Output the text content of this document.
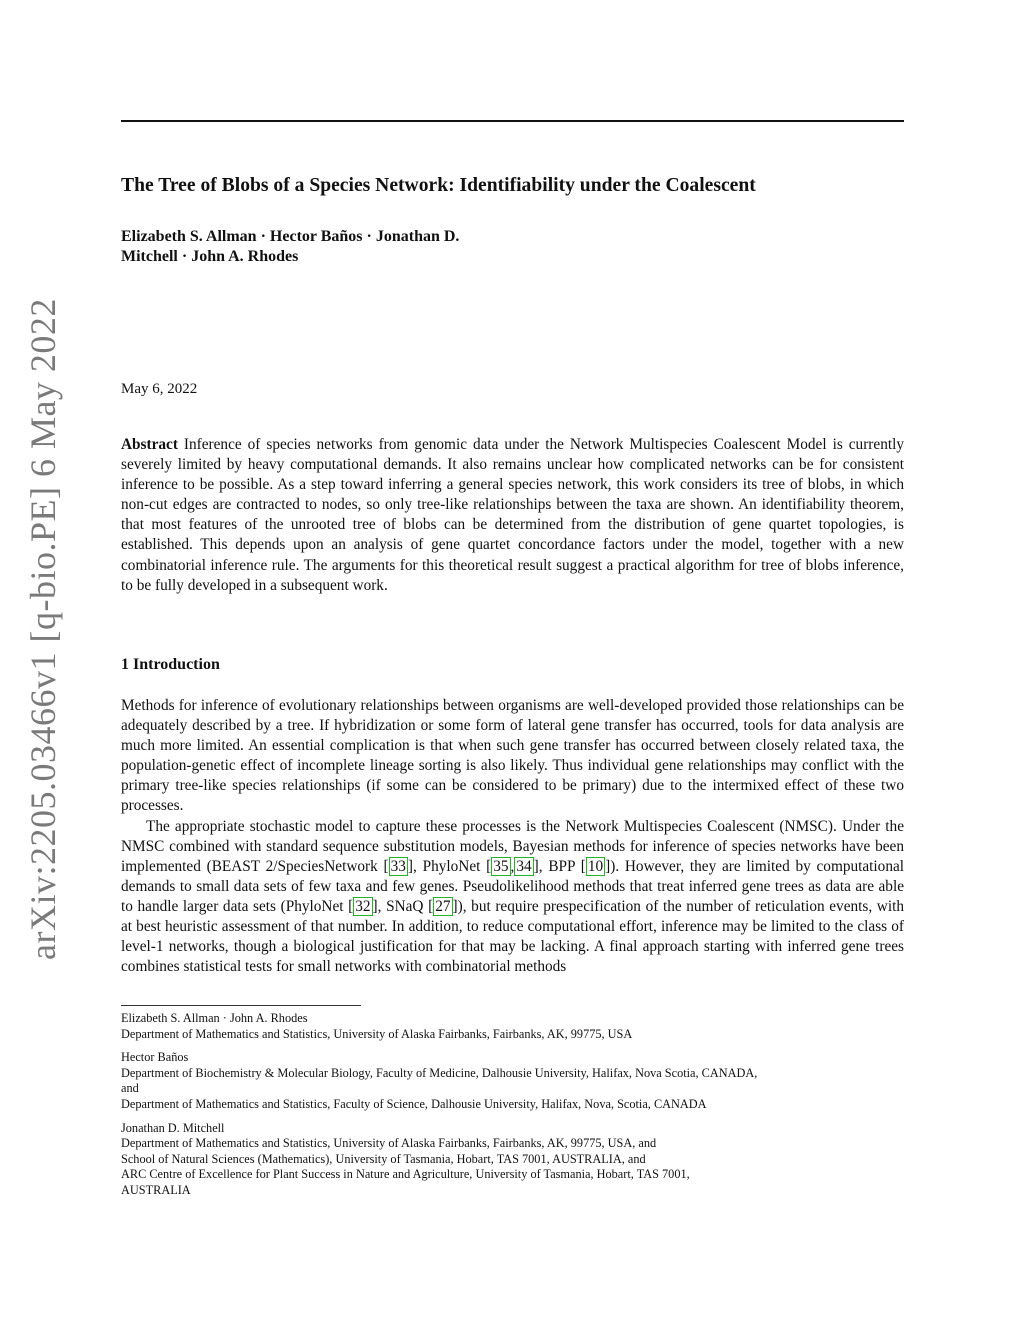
arXiv:2205.03466v1 [q-bio.PE] 6 May 2022
The Tree of Blobs of a Species Network: Identifiability under the Coalescent
Elizabeth S. Allman · Hector Baños · Jonathan D.
Mitchell · John A. Rhodes
May 6, 2022

Abstract Inference of species networks from genomic data under the Network Multispecies Coalescent Model is currently severely limited by heavy computational demands. It also remains unclear how complicated networks can be for consistent inference to be possible. As a step toward inferring a general species network, this work considers its tree of blobs, in which non-cut edges are contracted to nodes, so only tree-like relationships between the taxa are shown. An identifiability theorem, that most features of the unrooted tree of blobs can be determined from the distribution of gene quartet topologies, is established. This depends upon an analysis of gene quartet concordance factors under the model, together with a new combinatorial inference rule. The arguments for this theoretical result suggest a practical algorithm for tree of blobs inference, to be fully developed in a subsequent work.

1 Introduction

Methods for inference of evolutionary relationships between organisms are well-developed provided those relationships can be adequately described by a tree. If hybridization or some form of lateral gene transfer has occurred, tools for data analysis are much more limited. An essential complication is that when such gene transfer has occurred between closely related taxa, the population-genetic effect of incomplete lineage sorting is also likely. Thus individual gene relationships may conflict with the primary tree-like species relationships (if some can be considered to be primary) due to the intermixed effect of these two processes.

The appropriate stochastic model to capture these processes is the Network Multispecies Coalescent (NMSC). Under the NMSC combined with standard sequence substitution models, Bayesian methods for inference of species networks have been implemented (BEAST 2/SpeciesNetwork [ 33 ], PhyloNet [ 35 , 34 ], BPP [ 10 ]). However, they are limited by computational demands to small data sets of few taxa and few genes. Pseudolikelihood methods that treat inferred gene trees as data are able to handle larger data sets (PhyloNet [ 32 ], SNaQ [ 27 ]), but require prespecification of the number of reticulation events, with at best heuristic assessment of that number. In addition, to reduce computational effort, inference may be limited to the class of level-1 networks, though a biological justification for that may be lacking. A final approach starting with inferred gene trees combines statistical tests for small networks with combinatorial methods

Elizabeth S. Allman · John A. Rhodes
Department of Mathematics and Statistics, University of Alaska Fairbanks, Fairbanks, AK, 99775, USA
Hector Baños
Department of Biochemistry & Molecular Biology, Faculty of Medicine, Dalhousie University, Halifax, Nova Scotia, CANADA,
and
Department of Mathematics and Statistics, Faculty of Science, Dalhousie University, Halifax, Nova, Scotia, CANADA
Jonathan D. Mitchell
Department of Mathematics and Statistics, University of Alaska Fairbanks, Fairbanks, AK, 99775, USA, and
School of Natural Sciences (Mathematics), University of Tasmania, Hobart, TAS 7001, AUSTRALIA, and
ARC Centre of Excellence for Plant Success in Nature and Agriculture, University of Tasmania, Hobart, TAS 7001,
AUSTRALIA
